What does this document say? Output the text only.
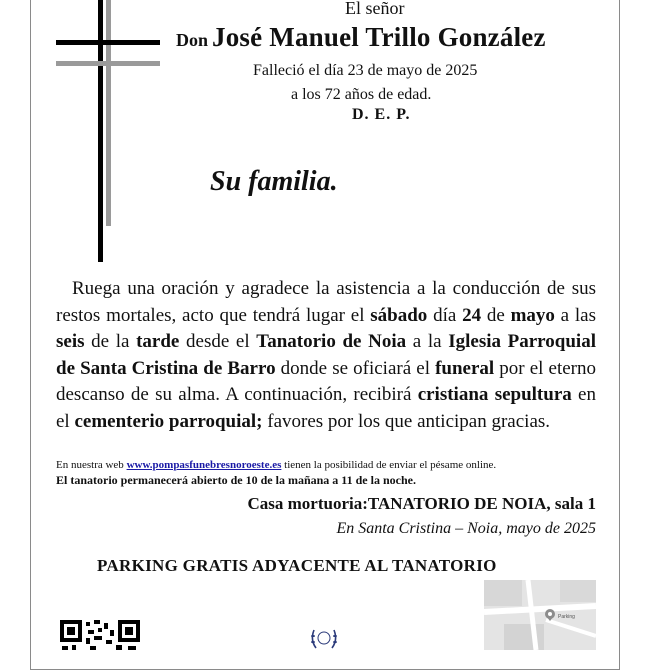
El señor
Don José Manuel Trillo González
Falleció el día 23 de mayo de 2025
a los 72 años de edad.
D. E. P.
Su familia.
Ruega una oración y agradece la asistencia a la conducción de sus restos mortales, acto que tendrá lugar el sábado día 24 de mayo a las seis de la tarde desde el Tanatorio de Noia a la Iglesia Parroquial de Santa Cristina de Barro donde se oficiará el funeral por el eterno descanso de su alma. A continuación, recibirá cristiana sepultura en el cementerio parroquial; favores por los que anticipan gracias.
En nuestra web www.pompasfunebresnoroeste.es tienen la posibilidad de enviar el pésame online.
El tanatorio permanecerá abierto de 10 de la mañana a 11 de la noche.
Casa mortuoria:TANATORIO DE NOIA, sala 1
En Santa Cristina – Noia, mayo de 2025
PARKING GRATIS ADYACENTE AL TANATORIO
Parking
